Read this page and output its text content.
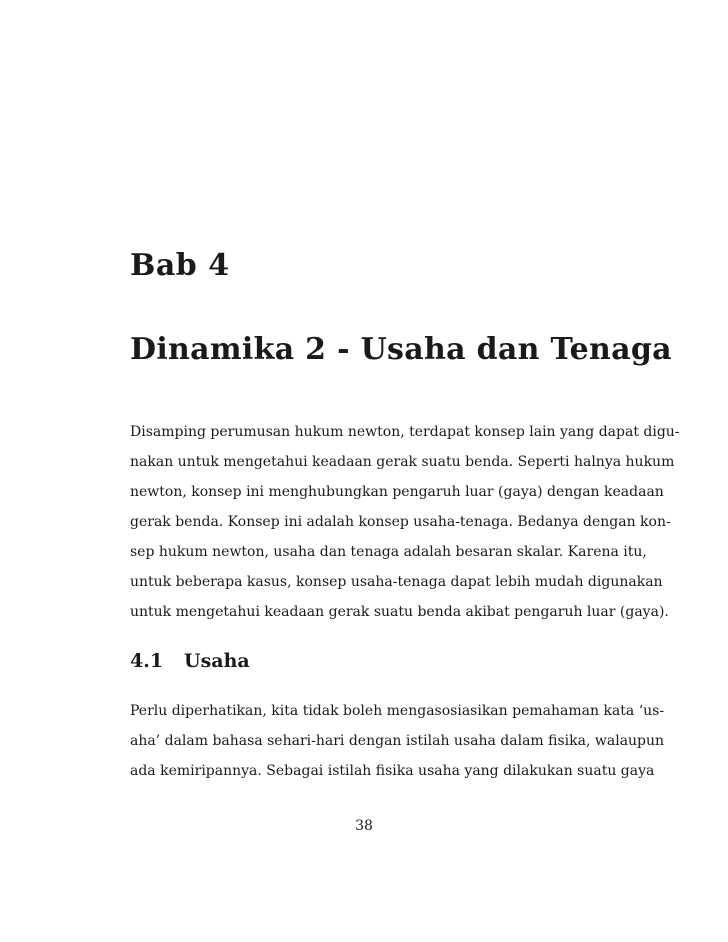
Bab 4
Dinamika 2 - Usaha dan Tenaga
Disamping perumusan hukum newton, terdapat konsep lain yang dapat digu-
nakan untuk mengetahui keadaan gerak suatu benda. Seperti halnya hukum
newton, konsep ini menghubungkan pengaruh luar (gaya) dengan keadaan
gerak benda. Konsep ini adalah konsep usaha-tenaga. Bedanya dengan kon-
sep hukum newton, usaha dan tenaga adalah besaran skalar. Karena itu,
untuk beberapa kasus, konsep usaha-tenaga dapat lebih mudah digunakan
untuk mengetahui keadaan gerak suatu benda akibat pengaruh luar (gaya).
4.1 Usaha
Perlu diperhatikan, kita tidak boleh mengasosiasikan pemahaman kata ‘us-
aha’ dalam bahasa sehari-hari dengan istilah usaha dalam fisika, walaupun
ada kemiripannya. Sebagai istilah fisika usaha yang dilakukan suatu gaya
38
